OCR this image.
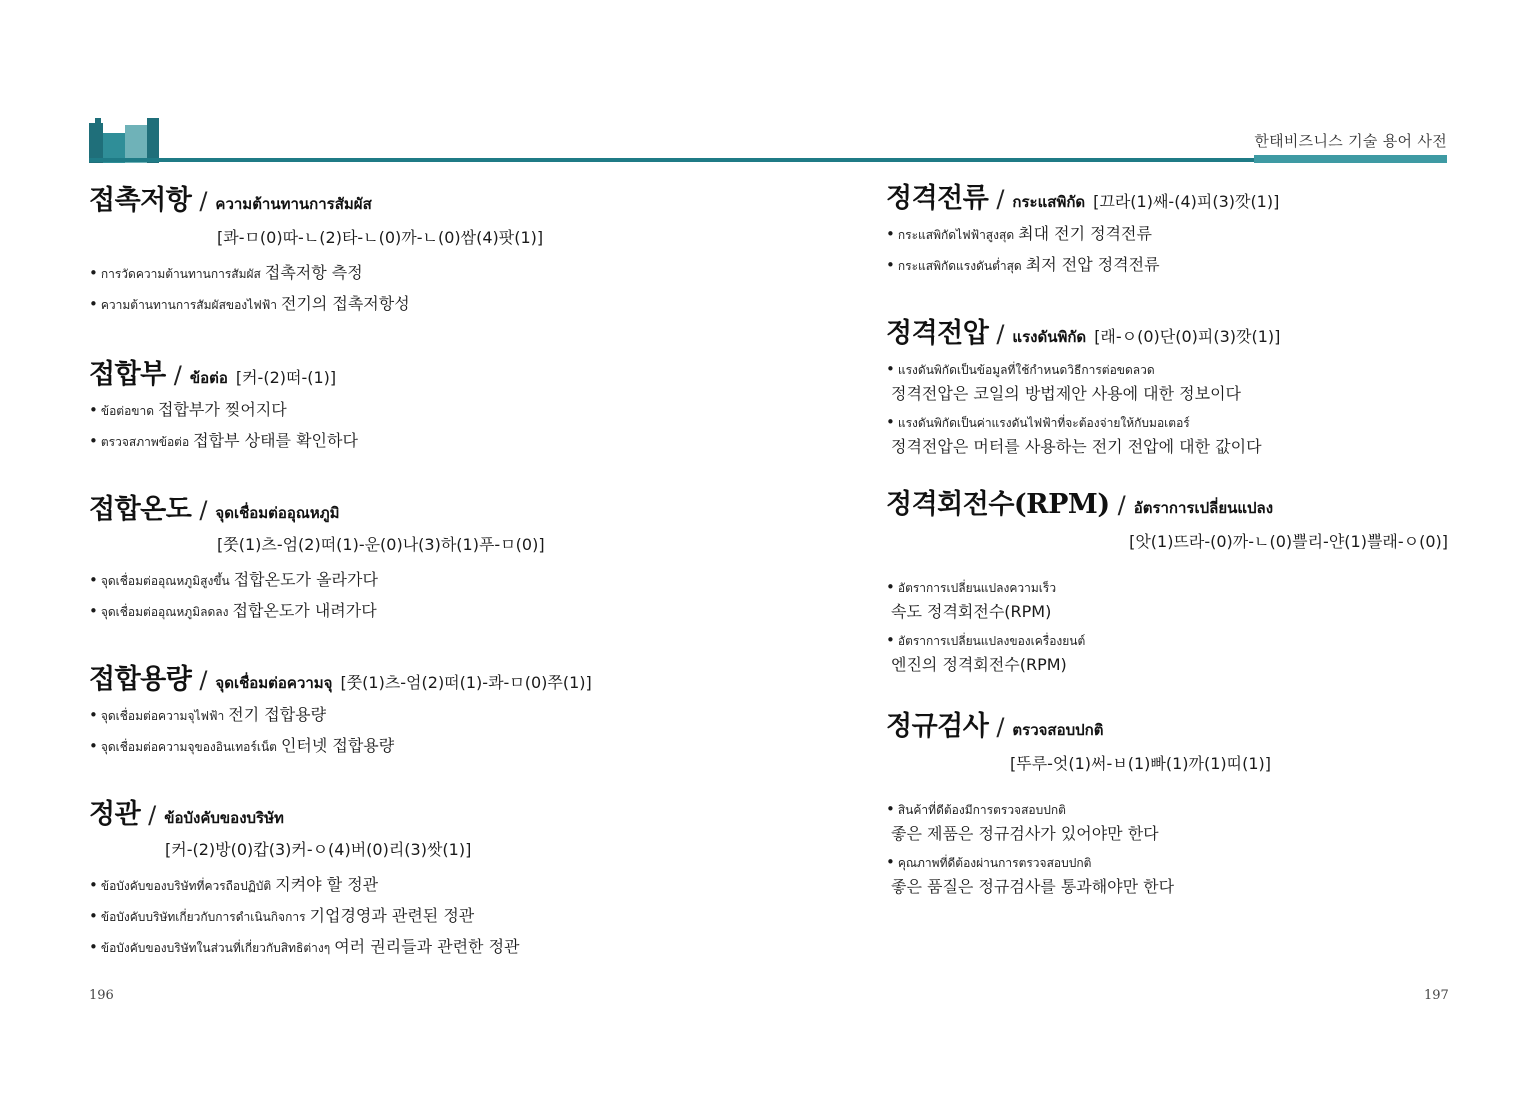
한태비즈니스 기술 용어 사전
접촉저항 / ความต้านทานการสัมผัส
[콰-ㅁ(0)따-ㄴ(2)타-ㄴ(0)까-ㄴ(0)쌈(4)팟(1)]
• การวัดความต้านทานการสัมผัส 접촉저항 측정
• ความต้านทานการสัมผัสของไฟฟ้า 전기의 접촉저항성
접합부 / ข้อต่อ [커-(2)떠-(1)]
• ข้อต่อขาด 접합부가 찢어지다
• ตรวจสภาพข้อต่อ 접합부 상태를 확인하다
접합온도 / จุดเชื่อมต่ออุณหภูมิ
[쭛(1)츠-엄(2)떠(1)-운(0)나(3)하(1)푸-ㅁ(0)]
• จุดเชื่อมต่ออุณหภูมิสูงขึ้น 접합온도가 올라가다
• จุดเชื่อมต่ออุณหภูมิลดลง 접합온도가 내려가다
접합용량 / จุดเชื่อมต่อความจุ [쭛(1)츠-엄(2)떠(1)-콰-ㅁ(0)쭈(1)]
• จุดเชื่อมต่อความจุไฟฟ้า 전기 접합용량
• จุดเชื่อมต่อความจุของอินเทอร์เน็ต 인터넷 접합용량
정관 / ข้อบังคับของบริษัท
[커-(2)방(0)캅(3)커-ㅇ(4)버(0)리(3)쌋(1)]
• ข้อบังคับของบริษัทที่ควรถือปฏิบัติ 지켜야 할 정관
• ข้อบังคับบริษัทเกี่ยวกับการดำเนินกิจการ 기업경영과 관련된 정관
• ข้อบังคับของบริษัทในส่วนที่เกี่ยวกับสิทธิต่างๆ 여러 권리들과 관련한 정관
정격전류 / กระแสพิกัด [끄라(1)쌔-(4)피(3)깟(1)]
• กระแสพิกัดไฟฟ้าสูงสุด 최대 전기 정격전류
• กระแสพิกัดแรงดันต่ำสุด 최저 전압 정격전류
정격전압 / แรงดันพิกัด [래-ㅇ(0)단(0)피(3)깟(1)]
• แรงดันพิกัดเป็นข้อมูลที่ใช้กำหนดวิธีการต่อขดลวด
정격전압은 코일의 방법제안 사용에 대한 정보이다
• แรงดันพิกัดเป็นค่าแรงดันไฟฟ้าที่จะต้องจ่ายให้กับมอเตอร์
정격전압은 머터를 사용하는 전기 전압에 대한 값이다
정격회전수(RPM) / อัตราการเปลี่ยนแปลง
[앗(1)뜨라-(0)까-ㄴ(0)쁠리-얀(1)쁠래-ㅇ(0)]
• อัตราการเปลี่ยนแปลงความเร็ว
속도 정격회전수(RPM)
• อัตราการเปลี่ยนแปลงของเครื่องยนต์
엔진의 정격회전수(RPM)
정규검사 / ตรวจสอบปกติ
[뚜루-엇(1)써-ㅂ(1)빠(1)까(1)띠(1)]
• สินค้าที่ดีต้องมีการตรวจสอบปกติ
좋은 제품은 정규검사가 있어야만 한다
• คุณภาพที่ดีต้องผ่านการตรวจสอบปกติ
좋은 품질은 정규검사를 통과해야만 한다
196	197
